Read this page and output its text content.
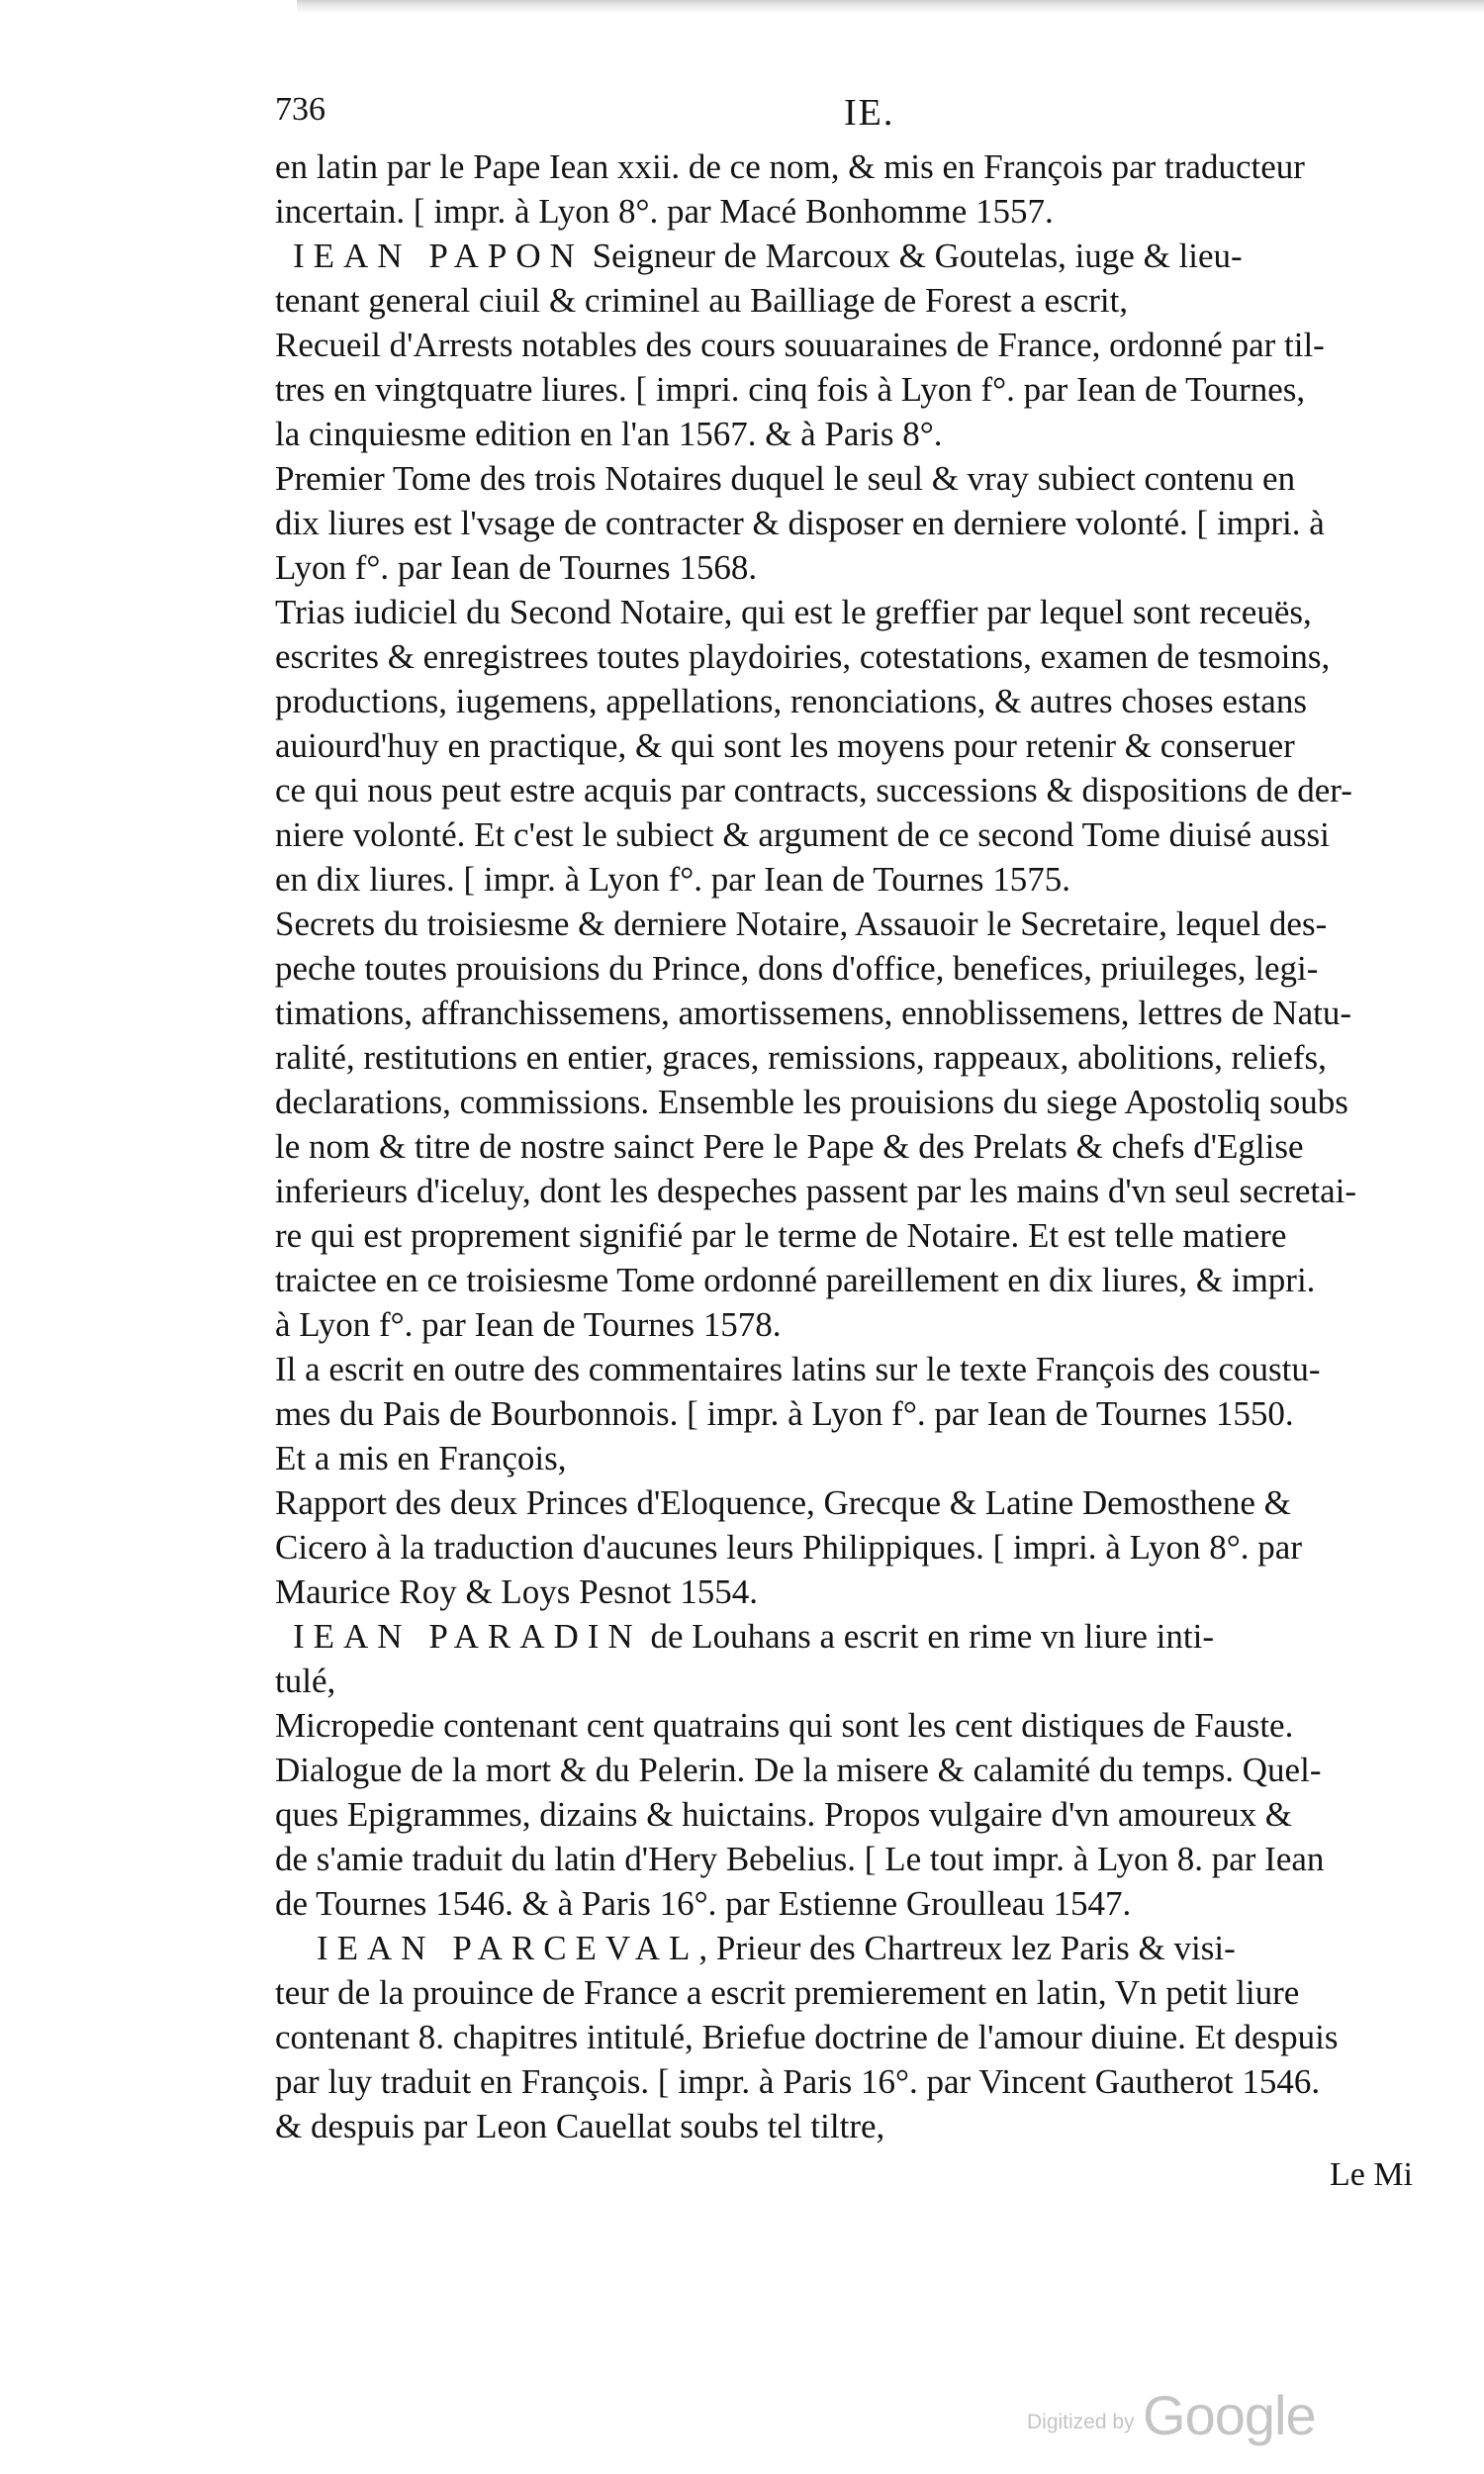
736	IE.
en latin par le Pape Iean xxii. de ce nom, & mis en François par traducteur
incertain. [ impr. à Lyon 8°. par Macé Bonhomme 1557.
IEAN PAPON Seigneur de Marcoux & Goutelas, iuge & lieu-
tenant general ciuil & criminel au Bailliage de Forest a escrit,
Recueil d'Arrests notables des cours souuaraines de France, ordonné par til-
tres en vingtquatre liures. [ impri. cinq fois à Lyon f°. par Iean de Tournes,
la cinquiesme edition en l'an 1567. & à Paris 8°.
Premier Tome des trois Notaires duquel le seul & vray subiect contenu en
dix liures est l'vsage de contracter & disposer en derniere volonté. [ impri. à
Lyon f°. par Iean de Tournes 1568.
Trias iudiciel du Second Notaire, qui est le greffier par lequel sont receuës,
escrites & enregistrees toutes playdoiries, cotestations, examen de tesmoins,
productions, iugemens, appellations, renonciations, & autres choses estans
auiourd'huy en practique, & qui sont les moyens pour retenir & conseruer
ce qui nous peut estre acquis par contracts, successions & dispositions de der-
niere volonté. Et c'est le subiect & argument de ce second Tome diuisé aussi
en dix liures. [ impr. à Lyon f°. par Iean de Tournes 1575.
Secrets du troisiesme & derniere Notaire, Assauoir le Secretaire, lequel des-
peche toutes prouisions du Prince, dons d'office, benefices, priuileges, legi-
timations, affranchissemens, amortissemens, ennoblissemens, lettres de Natu-
ralité, restitutions en entier, graces, remissions, rappeaux, abolitions, reliefs,
declarations, commissions. Ensemble les prouisions du siege Apostoliq soubs
le nom & titre de nostre sainct Pere le Pape & des Prelats & chefs d'Eglise
inferieurs d'iceluy, dont les despeches passent par les mains d'vn seul secretai-
re qui est proprement signifié par le terme de Notaire. Et est telle matiere
traictee en ce troisiesme Tome ordonné pareillement en dix liures, & impri.
à Lyon f°. par Iean de Tournes 1578.
Il a escrit en outre des commentaires latins sur le texte François des coustu-
mes du Pais de Bourbonnois. [ impr. à Lyon f°. par Iean de Tournes 1550.
Et a mis en François,
Rapport des deux Princes d'Eloquence, Grecque & Latine Demosthene &
Cicero à la traduction d'aucunes leurs Philippiques. [ impri. à Lyon 8°. par
Maurice Roy & Loys Pesnot 1554.
IEAN PARADIN de Louhans a escrit en rime vn liure inti-
tulé,
Micropedie contenant cent quatrains qui sont les cent distiques de Fauste.
Dialogue de la mort & du Pelerin. De la misere & calamité du temps. Quel-
ques Epigrammes, dizains & huictains. Propos vulgaire d'vn amoureux &
de s'amie traduit du latin d'Hery Bebelius. [ Le tout impr. à Lyon 8. par Iean
de Tournes 1546. & à Paris 16°. par Estienne Groulleau 1547.
IEAN PARCEVAL, Prieur des Chartreux lez Paris & visi-
teur de la prouince de France a escrit premierement en latin, Vn petit liure
contenant 8. chapitres intitulé, Briefue doctrine de l'amour diuine. Et despuis
par luy traduit en François. [ impr. à Paris 16°. par Vincent Gautherot 1546.
& despuis par Leon Cauellat soubs tel tiltre,
Le Mi
Digitized by Google
